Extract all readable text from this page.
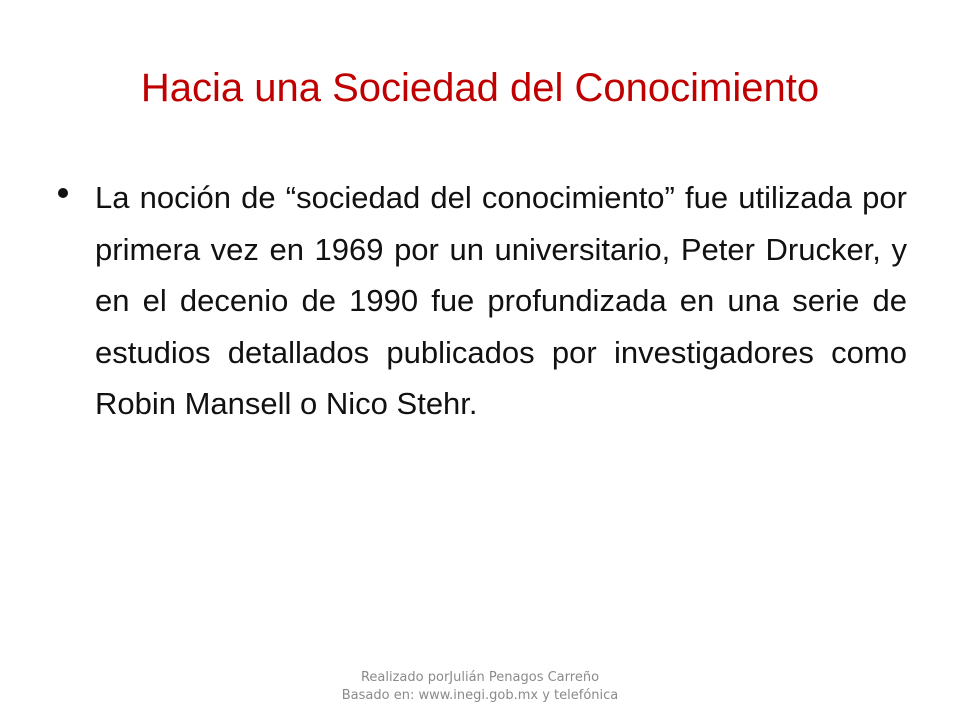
Hacia una Sociedad del Conocimiento
La noción de “sociedad del conocimiento” fue utilizada por primera vez en 1969 por un universitario, Peter Drucker, y en el decenio de 1990 fue profundizada en una serie de estudios detallados publicados por investigadores como Robin Mansell o Nico Stehr.
Realizado porJulián Penagos Carreño
Basado en: www.inegi.gob.mx y telefónica
